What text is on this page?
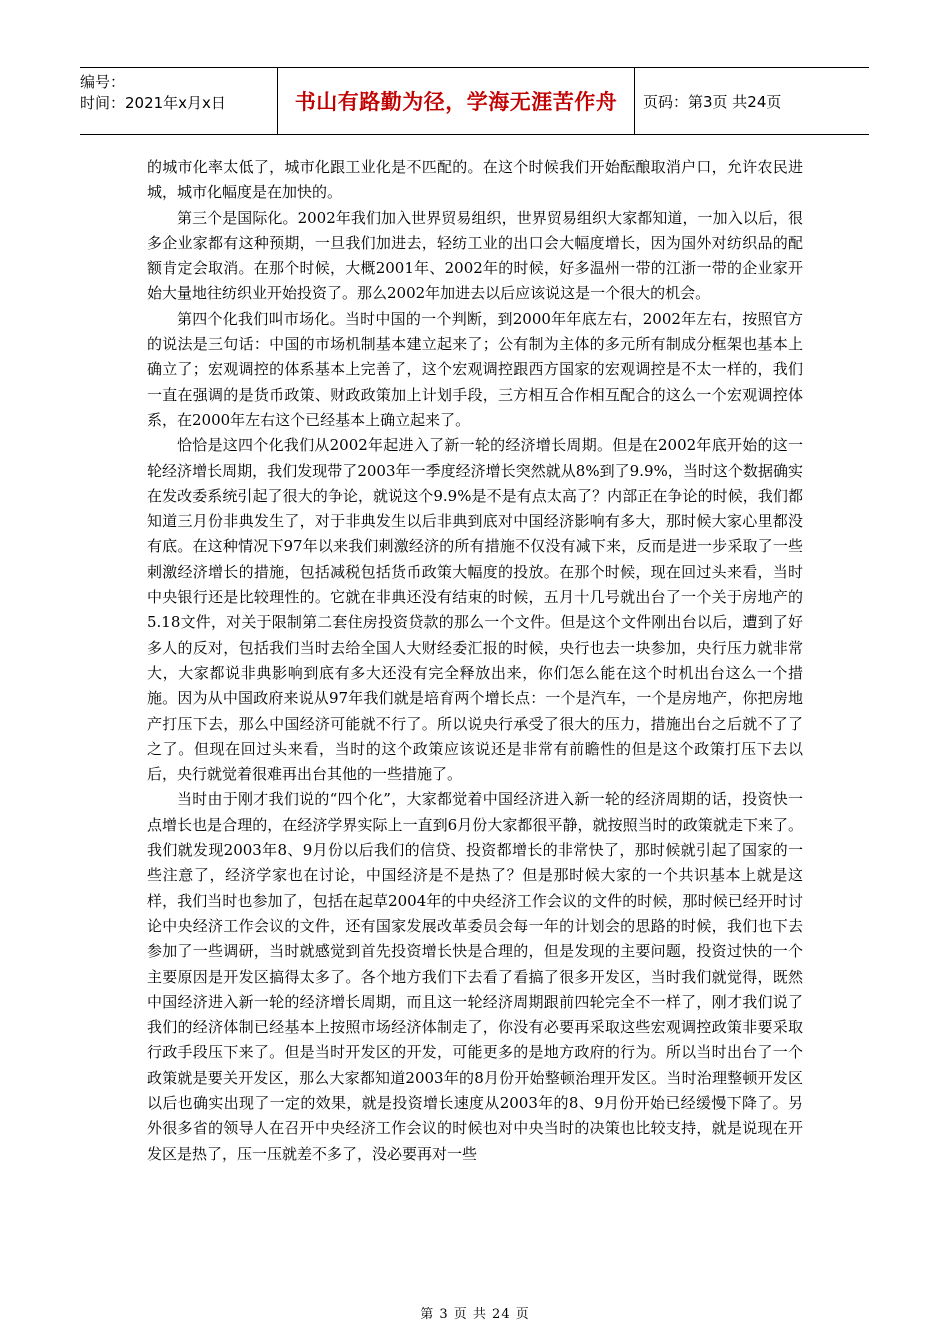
编号：
时间：2021年x月x日	书山有路勤为径，学海无涯苦作舟	页码：第3页 共24页

的城市化率太低了，城市化跟工业化是不匹配的。在这个时候我们开始酝酿取消户口，允许农民进城，城市化幅度是在加快的。

第三个是国际化。2002年我们加入世界贸易组织，世界贸易组织大家都知道，一加入以后，很多企业家都有这种预期，一旦我们加进去，轻纺工业的出口会大幅度增长，因为国外对纺织品的配额肯定会取消。在那个时候，大概2001年、2002年的时候，好多温州一带的江浙一带的企业家开始大量地往纺织业开始投资了。那么2002年加进去以后应该说这是一个很大的机会。

第四个化我们叫市场化。当时中国的一个判断，到2000年年底左右，2002年左右，按照官方的说法是三句话：中国的市场机制基本建立起来了；公有制为主体的多元所有制成分框架也基本上确立了；宏观调控的体系基本上完善了，这个宏观调控跟西方国家的宏观调控是不太一样的，我们一直在强调的是货币政策、财政政策加上计划手段，三方相互合作相互配合的这么一个宏观调控体系，在2000年左右这个已经基本上确立起来了。

恰恰是这四个化我们从2002年起进入了新一轮的经济增长周期。但是在2002年底开始的这一轮经济增长周期，我们发现带了2003年一季度经济增长突然就从8%到了9.9%，当时这个数据确实在发改委系统引起了很大的争论，就说这个9.9%是不是有点太高了？内部正在争论的时候，我们都知道三月份非典发生了，对于非典发生以后非典到底对中国经济影响有多大，那时候大家心里都没有底。在这种情况下97年以来我们刺激经济的所有措施不仅没有减下来，反而是进一步采取了一些刺激经济增长的措施，包括减税包括货币政策大幅度的投放。在那个时候，现在回过头来看，当时中央银行还是比较理性的。它就在非典还没有结束的时候，五月十几号就出台了一个关于房地产的5.18文件，对关于限制第二套住房投资贷款的那么一个文件。但是这个文件刚出台以后，遭到了好多人的反对，包括我们当时去给全国人大财经委汇报的时候，央行也去一块参加，央行压力就非常大，大家都说非典影响到底有多大还没有完全释放出来，你们怎么能在这个时机出台这么一个措施。因为从中国政府来说从97年我们就是培育两个增长点：一个是汽车，一个是房地产，你把房地产打压下去，那么中国经济可能就不行了。所以说央行承受了很大的压力，措施出台之后就不了了之了。但现在回过头来看，当时的这个政策应该说还是非常有前瞻性的但是这个政策打压下去以后，央行就觉着很难再出台其他的一些措施了。

当时由于刚才我们说的“四个化”，大家都觉着中国经济进入新一轮的经济周期的话，投资快一点增长也是合理的，在经济学界实际上一直到6月份大家都很平静，就按照当时的政策就走下来了。我们就发现2003年8、9月份以后我们的信贷、投资都增长的非常快了，那时候就引起了国家的一些注意了，经济学家也在讨论，中国经济是不是热了？但是那时候大家的一个共识基本上就是这样，我们当时也参加了，包括在起草2004年的中央经济工作会议的文件的时候，那时候已经开时讨论中央经济工作会议的文件，还有国家发展改革委员会每一年的计划会的思路的时候，我们也下去参加了一些调研，当时就感觉到首先投资增长快是合理的，但是发现的主要问题，投资过快的一个主要原因是开发区搞得太多了。各个地方我们下去看了看搞了很多开发区，当时我们就觉得，既然中国经济进入新一轮的经济增长周期，而且这一轮经济周期跟前四轮完全不一样了，刚才我们说了我们的经济体制已经基本上按照市场经济体制走了，你没有必要再采取这些宏观调控政策非要采取行政手段压下来了。但是当时开发区的开发，可能更多的是地方政府的行为。所以当时出台了一个政策就是要关开发区，那么大家都知道2003年的8月份开始整顿治理开发区。当时治理整顿开发区以后也确实出现了一定的效果，就是投资增长速度从2003年的8、9月份开始已经缓慢下降了。另外很多省的领导人在召开中央经济工作会议的时候也对中央当时的决策也比较支持，就是说现在开发区是热了，压一压就差不多了，没必要再对一些

第 3 页 共 24 页
